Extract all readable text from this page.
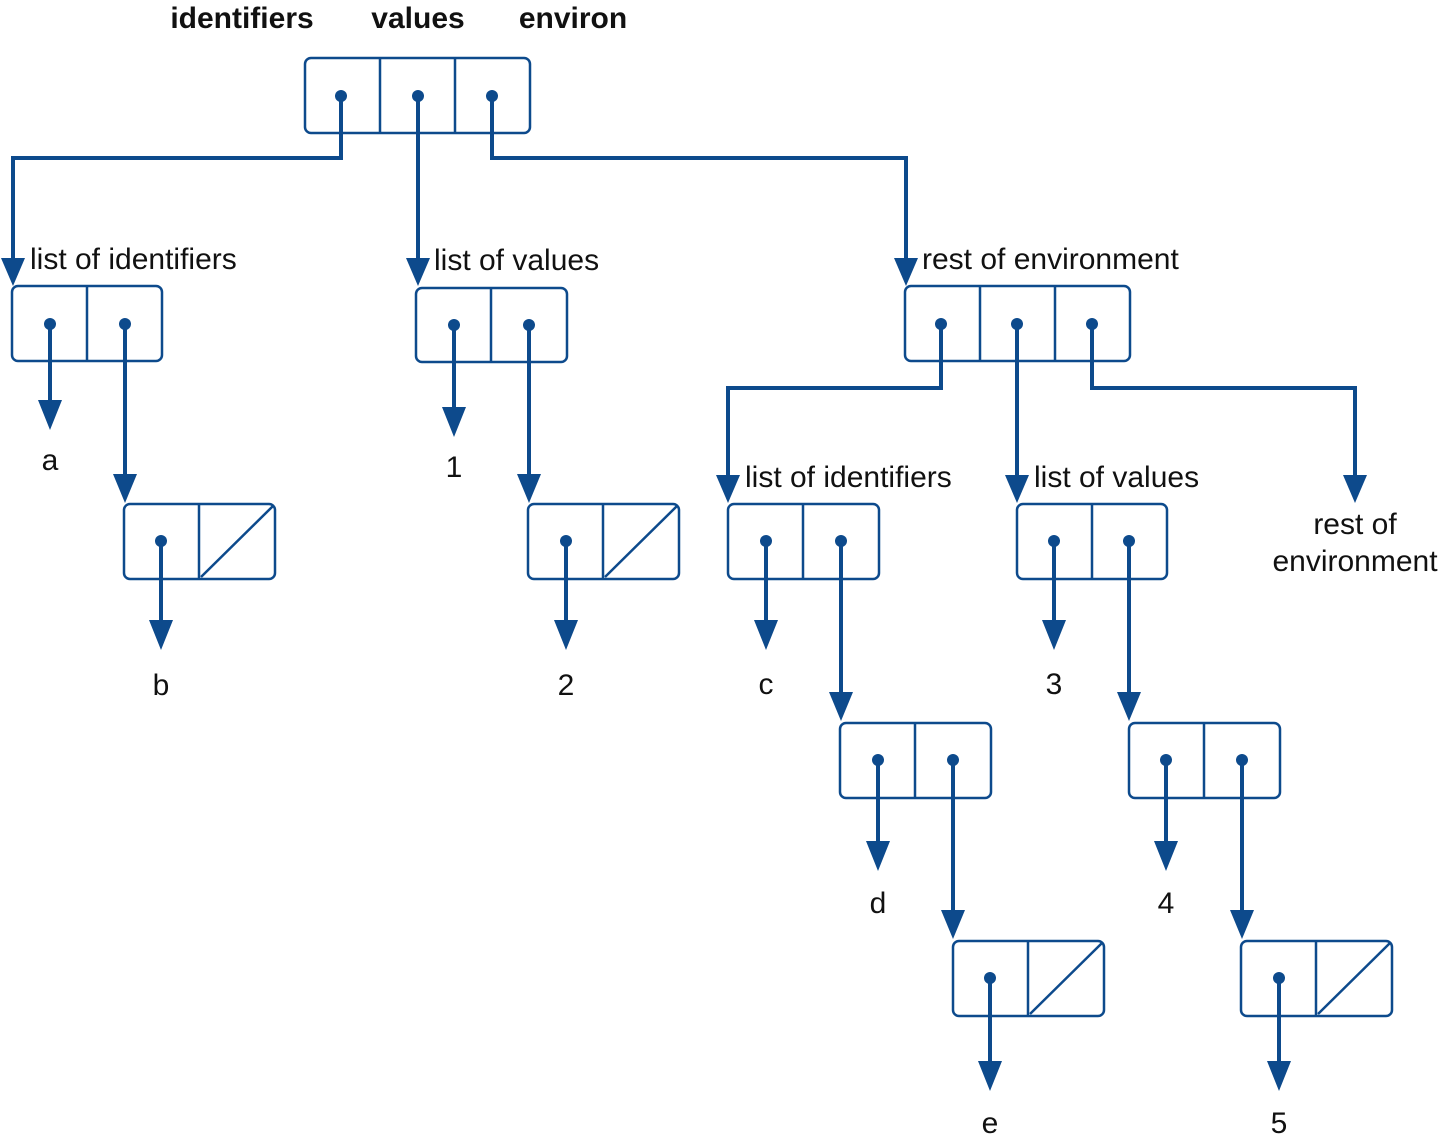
identifiers values environ
list of identifiers	list of values	rest of environment
a
b
1
2
list of identifiers	list of values
rest of
environment
c
d
e
3
4
5
